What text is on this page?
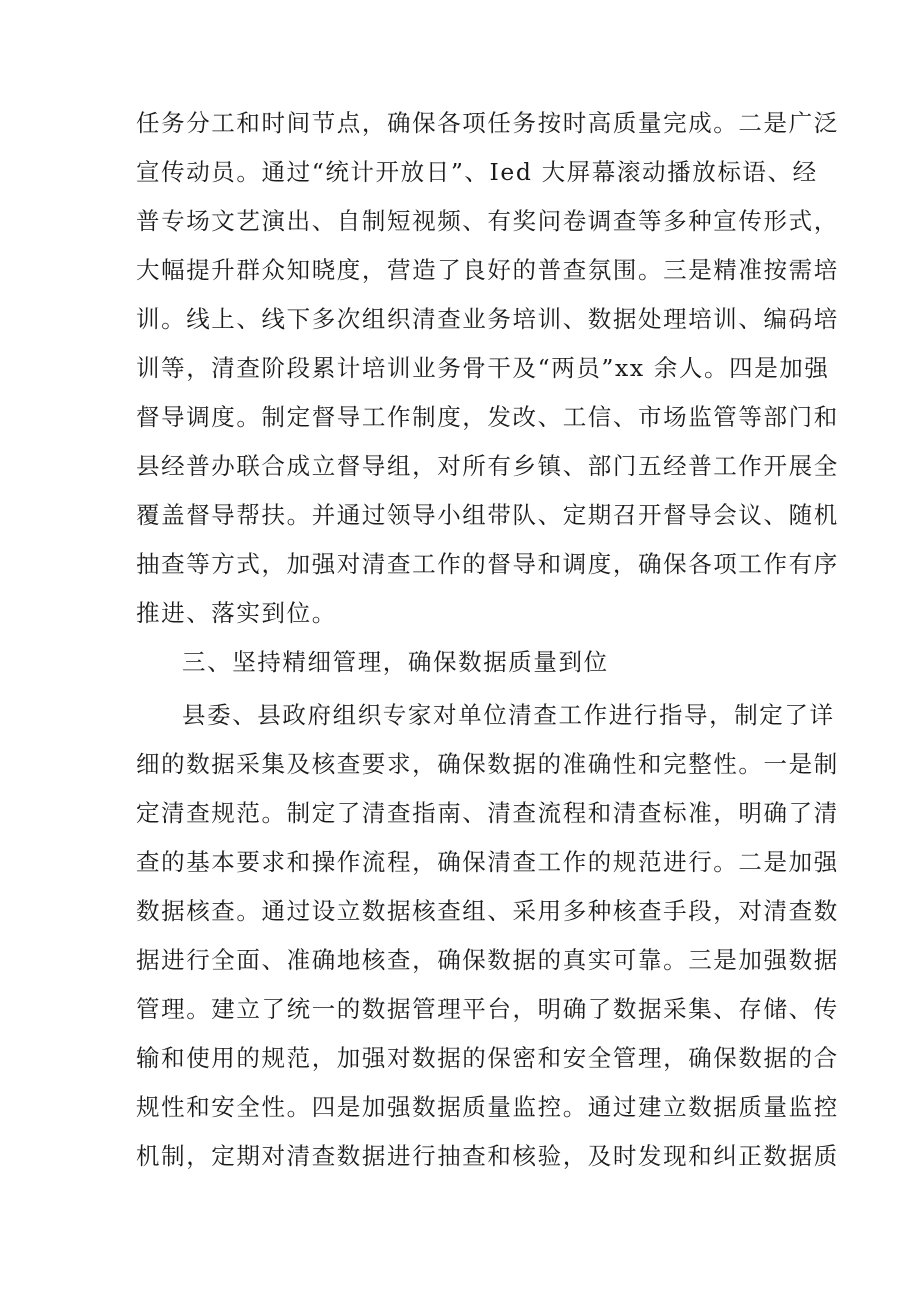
任务分工和时间节点，确保各项任务按时高质量完成。二是广泛
宣传动员。通过“统计开放日”、Ied 大屏幕滚动播放标语、经
普专场文艺演出、自制短视频、有奖问卷调查等多种宣传形式，
大幅提升群众知晓度，营造了良好的普查氛围。三是精准按需培
训。线上、线下多次组织清查业务培训、数据处理培训、编码培
训等，清查阶段累计培训业务骨干及“两员”xx 余人。四是加强
督导调度。制定督导工作制度，发改、工信、市场监管等部门和
县经普办联合成立督导组，对所有乡镇、部门五经普工作开展全
覆盖督导帮扶。并通过领导小组带队、定期召开督导会议、随机
抽查等方式，加强对清查工作的督导和调度，确保各项工作有序
推进、落实到位。
三、坚持精细管理，确保数据质量到位
县委、县政府组织专家对单位清查工作进行指导，制定了详
细的数据采集及核查要求，确保数据的准确性和完整性。一是制
定清查规范。制定了清查指南、清查流程和清查标准，明确了清
查的基本要求和操作流程，确保清查工作的规范进行。二是加强
数据核查。通过设立数据核查组、采用多种核查手段，对清查数
据进行全面、准确地核查，确保数据的真实可靠。三是加强数据
管理。建立了统一的数据管理平台，明确了数据采集、存储、传
输和使用的规范，加强对数据的保密和安全管理，确保数据的合
规性和安全性。四是加强数据质量监控。通过建立数据质量监控
机制，定期对清查数据进行抽查和核验，及时发现和纠正数据质
